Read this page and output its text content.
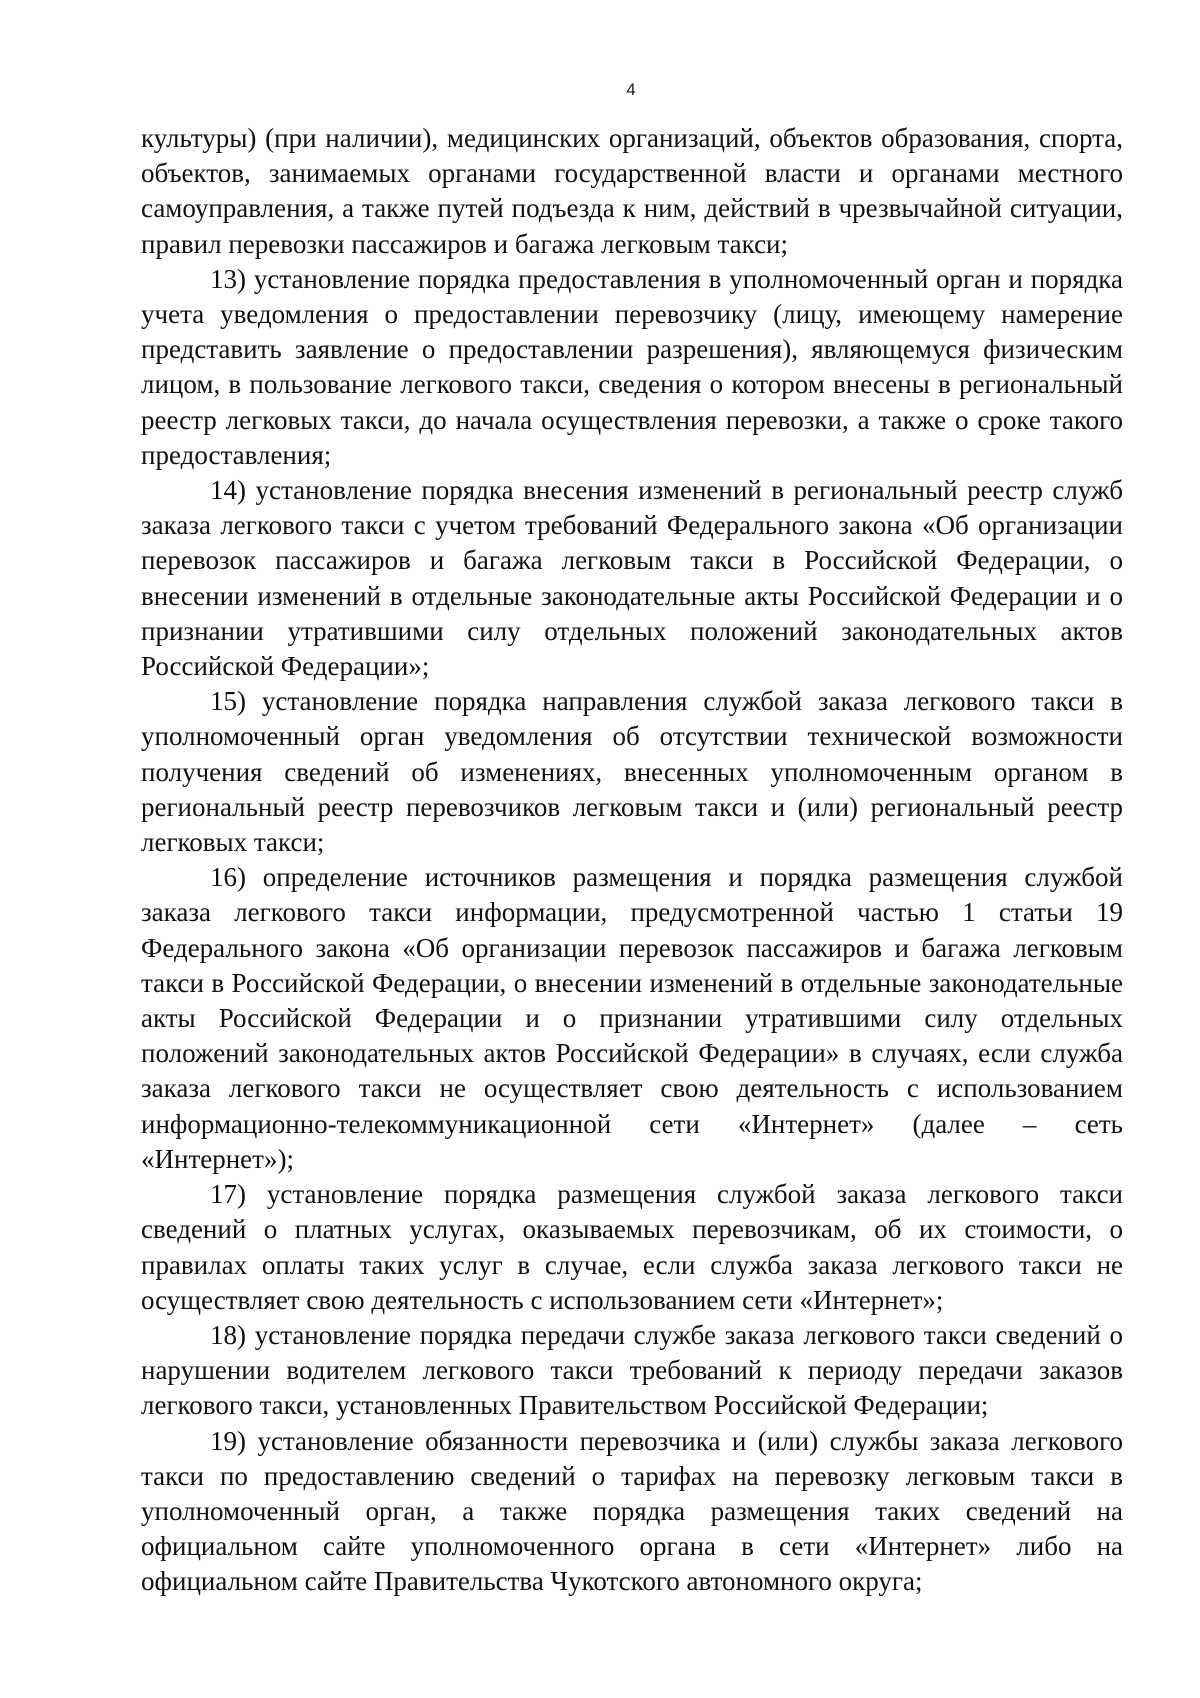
4

культуры) (при наличии), медицинских организаций, объектов образования, спорта, объектов, занимаемых органами государственной власти и органами местного самоуправления, а также путей подъезда к ним, действий в чрезвычайной ситуации, правил перевозки пассажиров и багажа легковым такси;

13) установление порядка предоставления в уполномоченный орган и порядка учета уведомления о предоставлении перевозчику (лицу, имеющему намерение представить заявление о предоставлении разрешения), являющемуся физическим лицом, в пользование легкового такси, сведения о котором внесены в региональный реестр легковых такси, до начала осуществления перевозки, а также о сроке такого предоставления;

14) установление порядка внесения изменений в региональный реестр служб заказа легкового такси с учетом требований Федерального закона «Об организации перевозок пассажиров и багажа легковым такси в Российской Федерации, о внесении изменений в отдельные законодательные акты Российской Федерации и о признании утратившими силу отдельных положений законодательных актов Российской Федерации»;

15) установление порядка направления службой заказа легкового такси в уполномоченный орган уведомления об отсутствии технической возможности получения сведений об изменениях, внесенных уполномоченным органом в региональный реестр перевозчиков легковым такси и (или) региональный реестр легковых такси;

16) определение источников размещения и порядка размещения службой заказа легкового такси информации, предусмотренной частью 1 статьи 19 Федерального закона «Об организации перевозок пассажиров и багажа легковым такси в Российской Федерации, о внесении изменений в отдельные законодательные акты Российской Федерации и о признании утратившими силу отдельных положений законодательных актов Российской Федерации» в случаях, если служба заказа легкового такси не осуществляет свою деятельность с использованием информационно-телекоммуникационной сети «Интернет» (далее – сеть «Интернет»);

17) установление порядка размещения службой заказа легкового такси сведений о платных услугах, оказываемых перевозчикам, об их стоимости, о правилах оплаты таких услуг в случае, если служба заказа легкового такси не осуществляет свою деятельность с использованием сети «Интернет»;

18) установление порядка передачи службе заказа легкового такси сведений о нарушении водителем легкового такси требований к периоду передачи заказов легкового такси, установленных Правительством Российской Федерации;

19) установление обязанности перевозчика и (или) службы заказа легкового такси по предоставлению сведений о тарифах на перевозку легковым такси в уполномоченный орган, а также порядка размещения таких сведений на официальном сайте уполномоченного органа в сети «Интернет» либо на официальном сайте Правительства Чукотского автономного округа;
